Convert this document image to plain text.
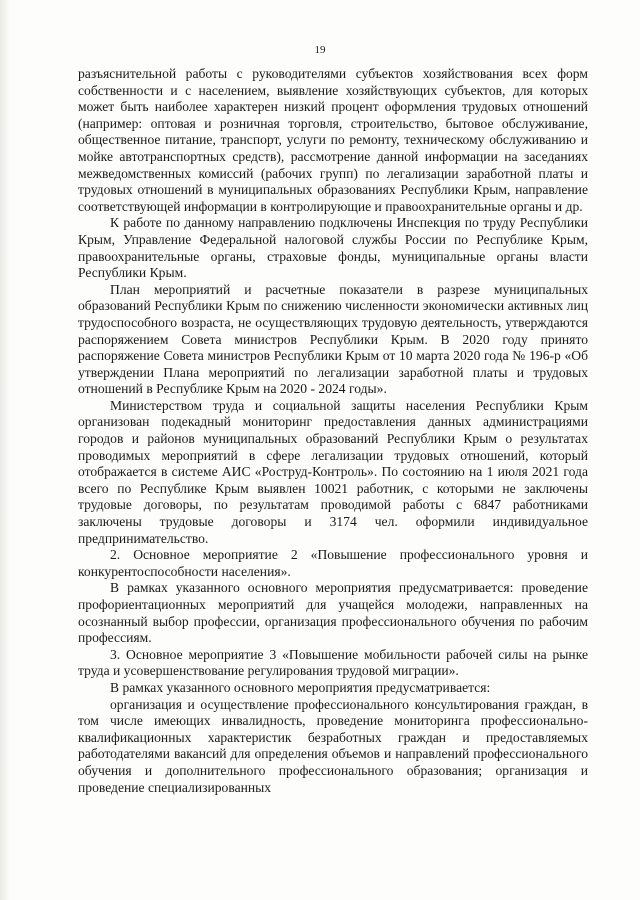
19

разъяснительной работы с руководителями субъектов хозяйствования всех форм собственности и с населением, выявление хозяйствующих субъектов, для которых может быть наиболее характерен низкий процент оформления трудовых отношений (например: оптовая и розничная торговля, строительство, бытовое обслуживание, общественное питание, транспорт, услуги по ремонту, техническому обслуживанию и мойке автотранспортных средств), рассмотрение данной информации на заседаниях межведомственных комиссий (рабочих групп) по легализации заработной платы и трудовых отношений в муниципальных образованиях Республики Крым, направление соответствующей информации в контролирующие и правоохранительные органы и др.

К работе по данному направлению подключены Инспекция по труду Республики Крым, Управление Федеральной налоговой службы России по Республике Крым, правоохранительные органы, страховые фонды, муниципальные органы власти Республики Крым.

План мероприятий и расчетные показатели в разрезе муниципальных образований Республики Крым по снижению численности экономически активных лиц трудоспособного возраста, не осуществляющих трудовую деятельность, утверждаются распоряжением Совета министров Республики Крым. В 2020 году принято распоряжение Совета министров Республики Крым от 10 марта 2020 года № 196-р «Об утверждении Плана мероприятий по легализации заработной платы и трудовых отношений в Республике Крым на 2020 - 2024 годы».

Министерством труда и социальной защиты населения Республики Крым организован подекадный мониторинг предоставления данных администрациями городов и районов муниципальных образований Республики Крым о результатах проводимых мероприятий в сфере легализации трудовых отношений, который отображается в системе АИС «Роструд-Контроль». По состоянию на 1 июля 2021 года всего по Республике Крым выявлен 10021 работник, с которыми не заключены трудовые договоры, по результатам проводимой работы с 6847 работниками заключены трудовые договоры и 3174 чел. оформили индивидуальное предпринимательство.

2. Основное мероприятие 2 «Повышение профессионального уровня и конкурентоспособности населения».

В рамках указанного основного мероприятия предусматривается: проведение профориентационных мероприятий для учащейся молодежи, направленных на осознанный выбор профессии, организация профессионального обучения по рабочим профессиям.

3. Основное мероприятие 3 «Повышение мобильности рабочей силы на рынке труда и усовершенствование регулирования трудовой миграции».

В рамках указанного основного мероприятия предусматривается:

организация и осуществление профессионального консультирования граждан, в том числе имеющих инвалидность, проведение мониторинга профессионально-квалификационных характеристик безработных граждан и предоставляемых работодателями вакансий для определения объемов и направлений профессионального обучения и дополнительного профессионального образования; организация и проведение специализированных
